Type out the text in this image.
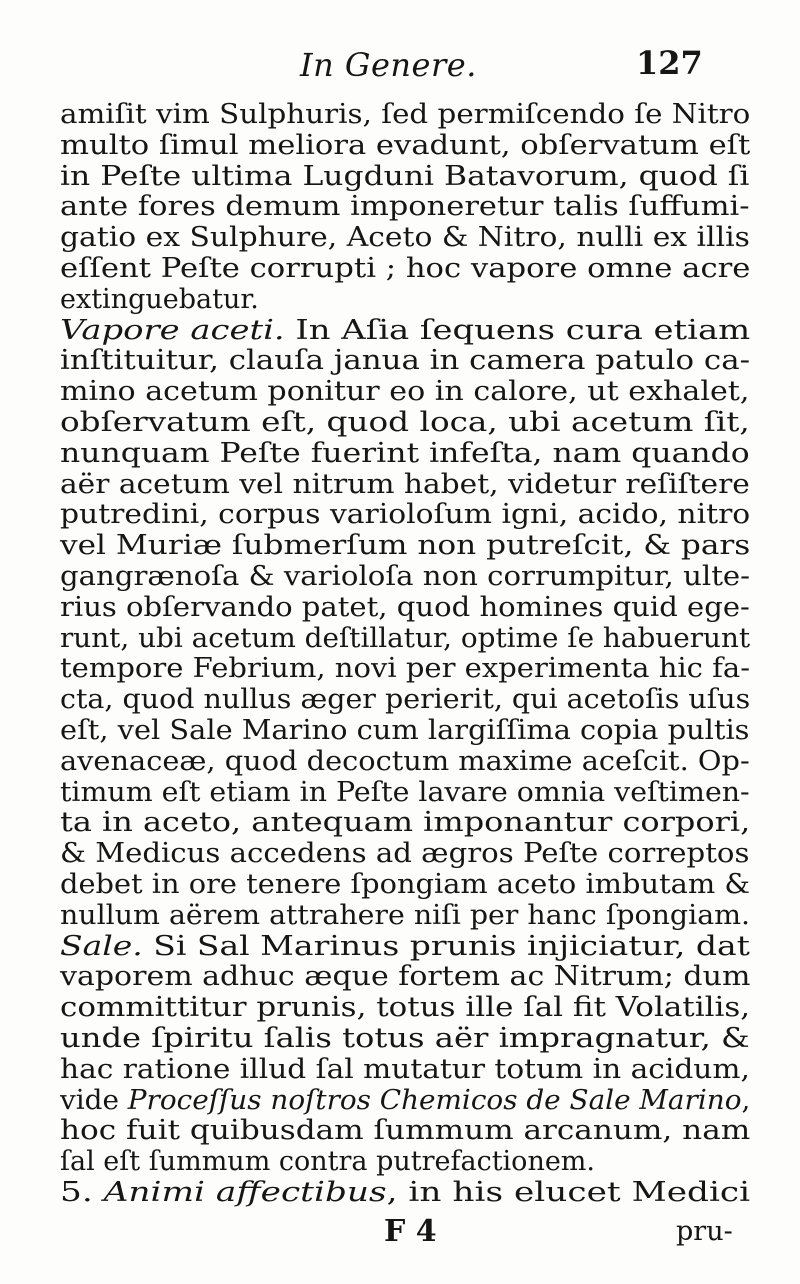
In Genere.	127
amiſit vim Sulphuris, ſed permiſcendo ſe Nitro
multo ſimul meliora evadunt, obſervatum eſt
in Peſte ultima Lugduni Batavorum, quod ſi
ante fores demum imponeretur talis ſuffumi-
gatio ex Sulphure, Aceto & Nitro, nulli ex illis
eſſent Peſte corrupti ; hoc vapore omne acre
extinguebatur.
Vapore aceti. In Aſia ſequens cura etiam
inſtituitur, clauſa janua in camera patulo ca-
mino acetum ponitur eo in calore, ut exhalet,
obſervatum eſt, quod loca, ubi acetum ſit,
nunquam Peſte fuerint infeſta, nam quando
aër acetum vel nitrum habet, videtur reſiſtere
putredini, corpus varioloſum igni, acido, nitro
vel Muriæ ſubmerſum non putreſcit, & pars
gangrænoſa & varioloſa non corrumpitur, ulte-
rius obſervando patet, quod homines quid ege-
runt, ubi acetum deſtillatur, optime ſe habuerunt
tempore Febrium, novi per experimenta hic fa-
cta, quod nullus æger perierit, qui acetoſis uſus
eſt, vel Sale Marino cum largiſſima copia pultis
avenaceæ, quod decoctum maxime aceſcit. Op-
timum eſt etiam in Peſte lavare omnia veſtimen-
ta in aceto, antequam imponantur corpori,
& Medicus accedens ad ægros Peſte correptos
debet in ore tenere ſpongiam aceto imbutam &
nullum aërem attrahere niſi per hanc ſpongiam.
Sale. Si Sal Marinus prunis injiciatur, dat
vaporem adhuc æque fortem ac Nitrum; dum
committitur prunis, totus ille ſal fit Volatilis,
unde ſpiritu ſalis totus aër impragnatur, &
hac ratione illud ſal mutatur totum in acidum,
vide Proceſſus noſtros Chemicos de Sale Marino,
hoc fuit quibusdam ſummum arcanum, nam
ſal eſt ſummum contra putrefactionem.
5. Animi affectibus, in his elucet Medici
F 4	pru-
